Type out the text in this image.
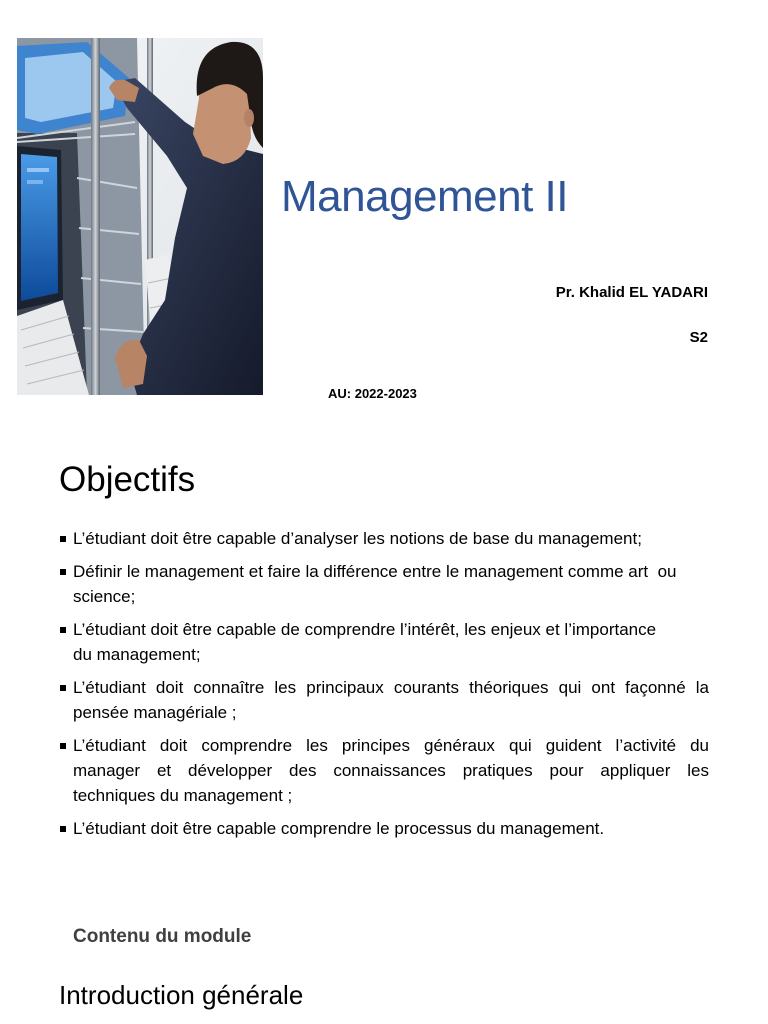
Management II
Pr. Khalid EL YADARI
S2
AU: 2022-2023
Objectifs
L’étudiant doit être capable d’analyser les notions de base du management;
Définir le management et faire la différence entre le management comme art  ou
science;
L’étudiant doit être capable de comprendre l’intérêt, les enjeux et l’importance
du management;
L’étudiant doit connaître les principaux courants théoriques qui ont façonné la
pensée managériale ;
L’étudiant doit comprendre les principes généraux qui guident l’activité du
manager et développer des connaissances pratiques pour appliquer les
techniques du management ;
L’étudiant doit être capable comprendre le processus du management.
Contenu du module
Introduction générale
